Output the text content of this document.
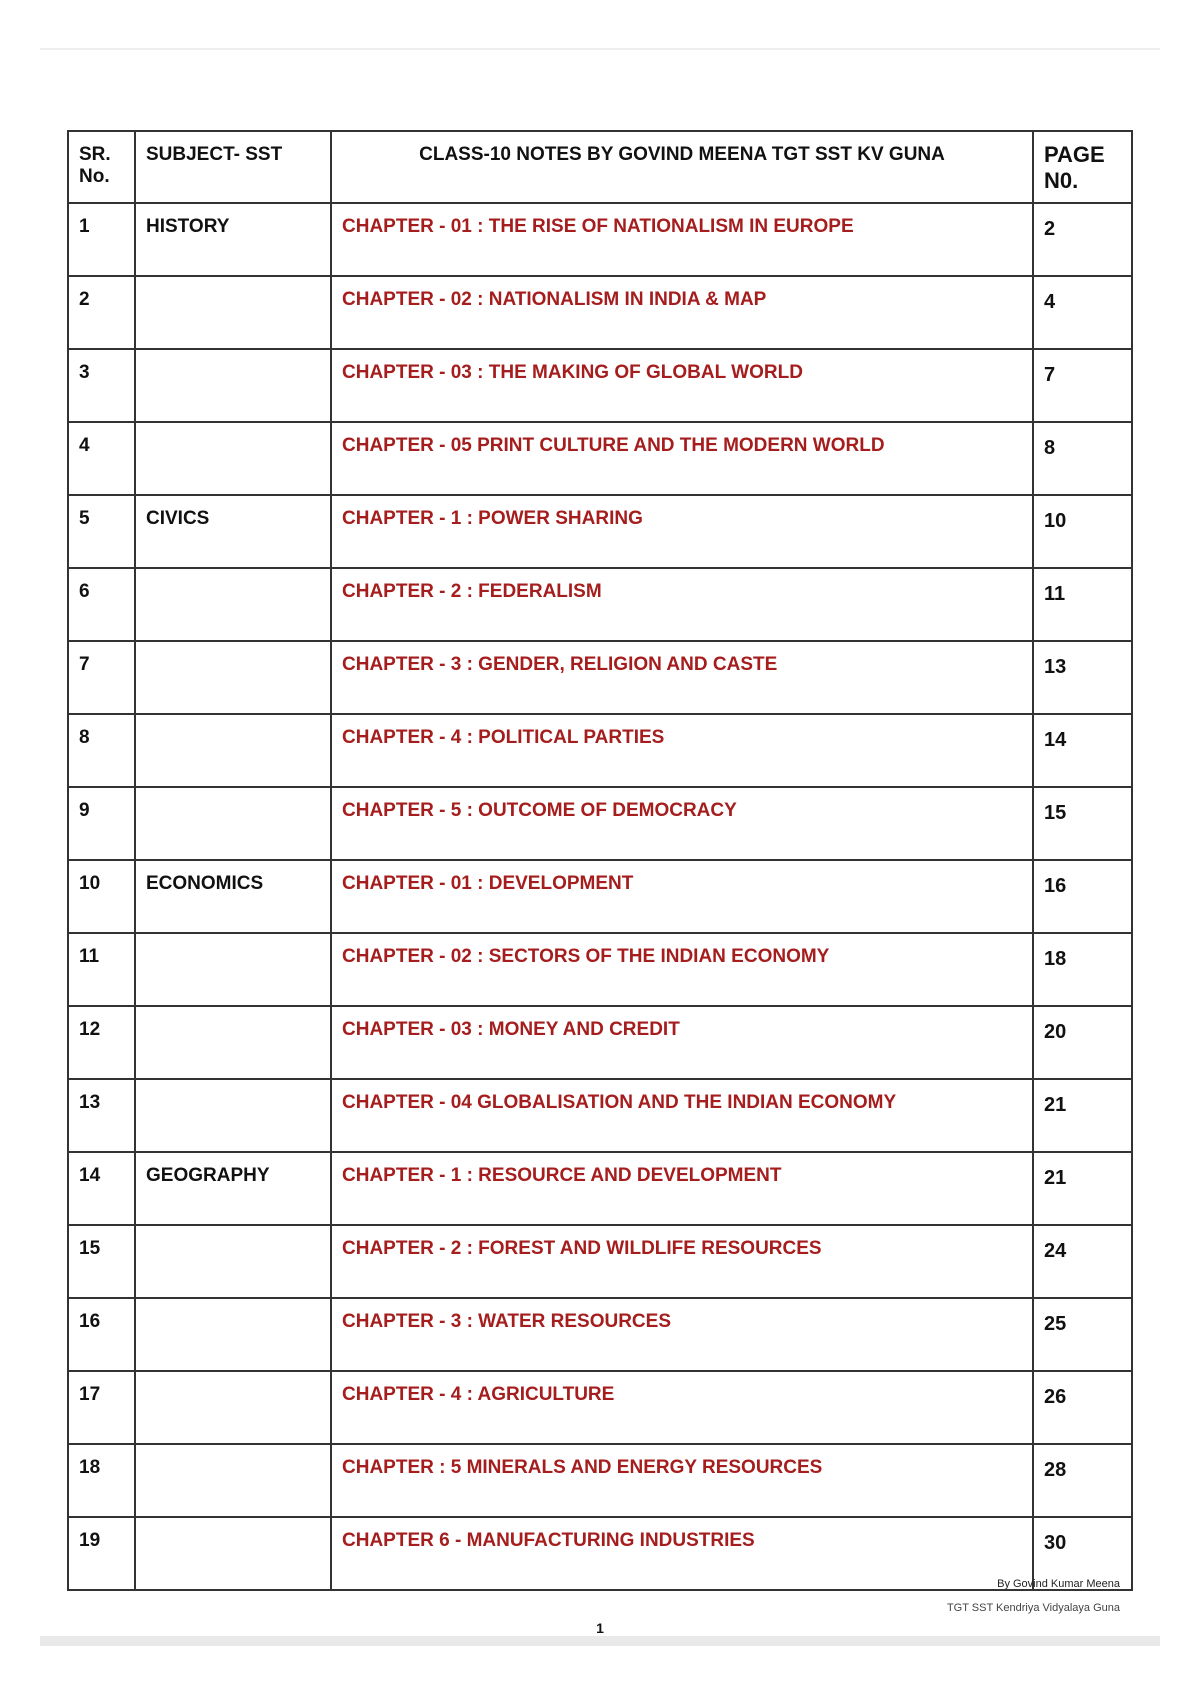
SR. No.	SUBJECT- SST	CLASS-10 NOTES BY GOVIND MEENA TGT SST KV GUNA	PAGE N0.
1	HISTORY	CHAPTER - 01 : THE RISE OF NATIONALISM IN EUROPE	2
2		CHAPTER - 02 : NATIONALISM IN INDIA & MAP	4
3		CHAPTER - 03 : THE MAKING OF GLOBAL WORLD	7
4		CHAPTER - 05 PRINT CULTURE AND THE MODERN WORLD	8
5	CIVICS	CHAPTER - 1 : POWER SHARING	10
6		CHAPTER - 2 : FEDERALISM	11
7		CHAPTER - 3 : GENDER, RELIGION AND CASTE	13
8		CHAPTER - 4 : POLITICAL PARTIES	14
9		CHAPTER - 5 : OUTCOME OF DEMOCRACY	15
10	ECONOMICS	CHAPTER - 01 : DEVELOPMENT	16
11		CHAPTER - 02 : SECTORS OF THE INDIAN ECONOMY	18
12		CHAPTER - 03 : MONEY AND CREDIT	20
13		CHAPTER - 04 GLOBALISATION AND THE INDIAN ECONOMY	21
14	GEOGRAPHY	CHAPTER - 1 : RESOURCE AND DEVELOPMENT	21
15		CHAPTER - 2 : FOREST AND WILDLIFE RESOURCES	24
16		CHAPTER - 3 : WATER RESOURCES	25
17		CHAPTER - 4 : AGRICULTURE	26
18		CHAPTER : 5 MINERALS AND ENERGY RESOURCES	28
19		CHAPTER 6 - MANUFACTURING INDUSTRIES	30
By Govind Kumar Meena
TGT SST Kendriya Vidyalaya Guna
1
